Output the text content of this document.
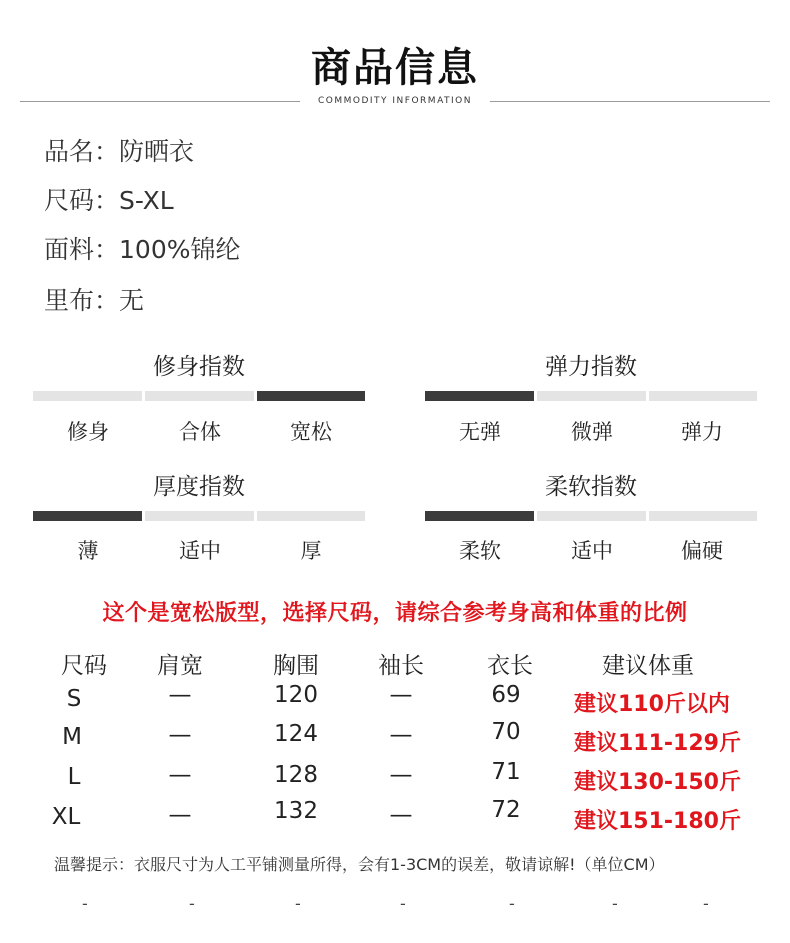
商品信息
COMMODITY INFORMATION
品名：防晒衣
尺码：S-XL
面料：100%锦纶
里布：无
修身指数
修身	合体	宽松
弹力指数
无弹	微弹	弹力
厚度指数
薄	适中	厚
柔软指数
柔软	适中	偏硬
这个是宽松版型，选择尺码，请综合参考身高和体重的比例
尺码	肩宽	胸围	袖长	衣长	建议体重
S	—	120	—	69	建议110斤以内
M	—	124	—	70	建议111-129斤
L	—	128	—	71	建议130-150斤
XL	—	132	—	72	建议151-180斤
温馨提示：衣服尺寸为人工平铺测量所得，会有1-3CM的误差，敬请谅解!（单位CM）
-	-	-	-	-	-	-
